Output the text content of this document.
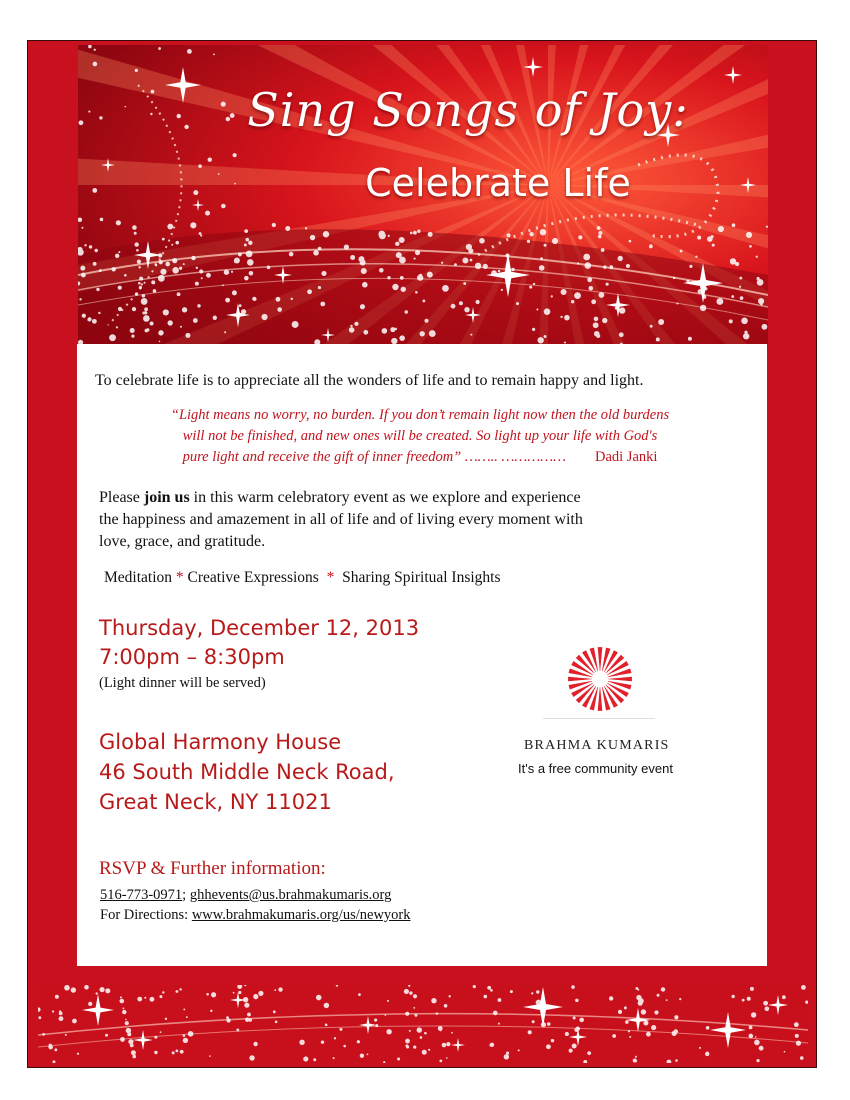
Sing Songs of Joy:
Celebrate Life
To celebrate life is to appreciate all the wonders of life and to remain happy and light.
“Light means no worry, no burden. If you don’t remain light now then the old burdens
will not be finished, and new ones will be created. So light up your life with God's
pure light and receive the gift of inner freedom” …….. …………… Dadi Janki
Please join us in this warm celebratory event as we explore and experience
the happiness and amazement in all of life and of living every moment with
love, grace, and gratitude.
Meditation * Creative Expressions * Sharing Spiritual Insights
Thursday, December 12, 2013
7:00pm – 8:30pm
(Light dinner will be served)
Global Harmony House
46 South Middle Neck Road,
Great Neck, NY 11021
RSVP & Further information:
516-773-0971; ghhevents@us.brahmakumaris.org
For Directions: www.brahmakumaris.org/us/newyork
BRAHMA KUMARIS
It's a free community event
